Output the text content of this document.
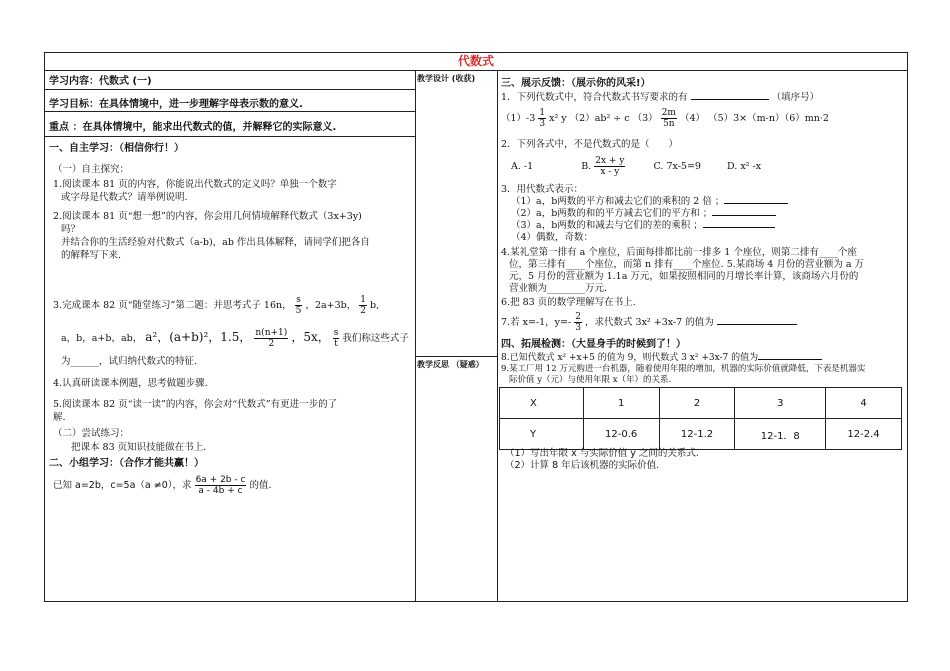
代数式
学习内容：代数式 (一)
学习目标：在具体情境中，进一步理解字母表示数的意义.
重点 ：在具体情境中，能求出代数式的值，并解释它的实际意义.
一、自主学习：（相信你行！）
（一）自主探究：
1.阅读课本 81 页的内容，你能说出代数式的定义吗？单独一个数字
或字母是代数式？请举例说明.
2.阅读课本 81 页“想一想”的内容，你会用几何情境解释代数式（3x+3y)
吗？
并结合你的生活经验对代数式（a-b)，ab 作出具体解释，请同学们把各自
的解释写下来.
3.完成课本 82 页“随堂练习”第二题：并思考式子 16n， $\frac{s}{5}$ ，2a+3b， $\frac{1}{2} b$,
a，b，a+b，ab， a²，(a+b)²，1.5， $\frac{n(n+1)}{2}$ ，5x， $\frac{s}{t}$ 我们称这些式子
为______，试归纳代数式的特征.
4.认真研读课本例题，思考做题步骤.
5.阅读课本 82 页“读一读”的内容，你会对“代数式”有更进一步的了
解.
（二）尝试练习：
把课本 83 页知识技能做在书上.
二、小组学习：（合作才能共赢！）
已知 a=2b，c=5a（a ≠0），求 $\frac{6a + 2b - c}{a - 4b + c}$ 的值.
教学设计 (收获)
教学反思 （疑惑）
三、展示反馈：（展示你的风采!）
1．下列代数式中，符合代数式书写要求的有	（填序号）
$(1)-3 \frac{1}{3} x^2$ y （2）ab² ÷ c $(3) \frac{2m}{5n} (4)$ （5）3×（m-n）（6）mn·2
2．下列各式中，不是代数式的是（　　）
A. -1	B. $\frac{2x + y}{x - y}$	C. 7x-5=9	D. x² -x
3．用代数式表示：
（1）a，b两数的平方和减去它们的乘积的 2 倍 ；
（2）a，b两数的和的平方减去它们的平方和 ；
（3）a，b两数的和减去与它们的差的乘积 ；
（4）偶数，奇数：
4.某礼堂第一排有 a 个座位，后面每排都比前一排多 1 个座位，则第二排有____个座
位，第三排有____个座位，而第 n 排有____个座位. 5.某商场 4 月份的营业额为 a 万
元，5 月份的营业额为 1.1a 万元，如果按照相同的月增长率计算，该商场六月份的
营业额为________万元.
6.把 83 页的数学理解写在书上.
7.若 x=-1，$y=- \frac{2}{3}$ ，求代数式 3x² +3x-7 的值为
四、拓展检测：（大显身手的时候到了！）
8.已知代数式 x² +x+5 的值为 9，则代数式 3 x² +3x-7 的值为
9.某工厂用 12 万元购进一台机器，随着使用年限的增加，机器的实际价值就降低，下表是机器实
际价值 y（元）与使用年限 x（年）的关系.
X	1	2	3	4
Y	12-0.6	12-1.2	12-1．8	12-2.4
（1）写出年限 x 与实际价值 y 之间的关系式.
（2）计算 8 年后该机器的实际价值.
